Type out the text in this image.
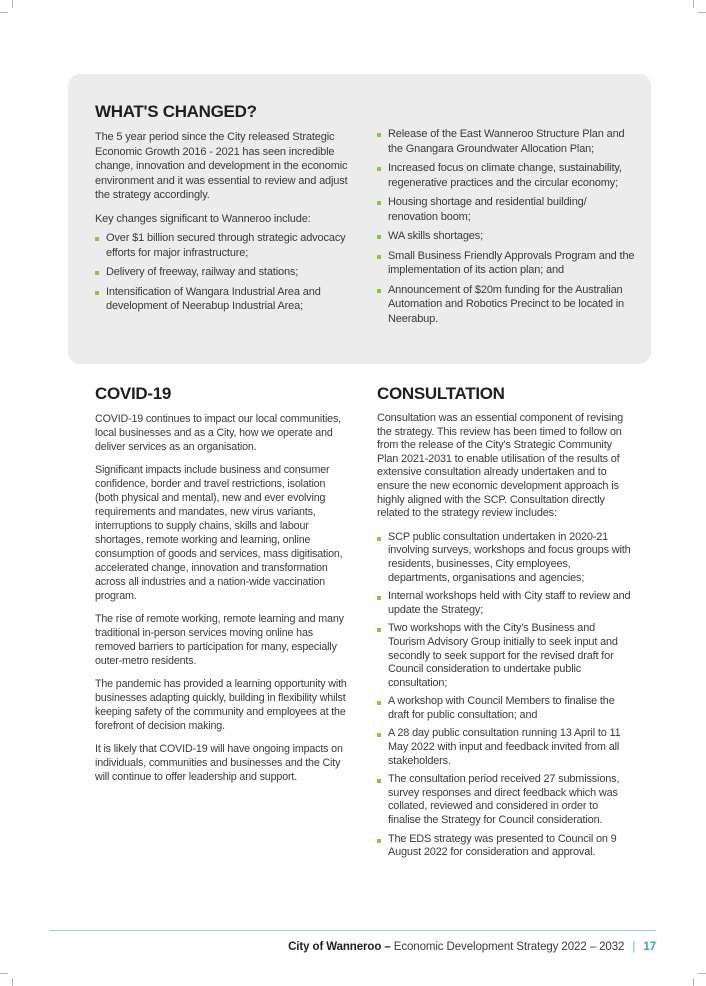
WHAT'S CHANGED?

The 5 year period since the City released Strategic Economic Growth 2016 - 2021 has seen incredible change, innovation and development in the economic environment and it was essential to review and adjust the strategy accordingly.

Key changes significant to Wanneroo include:

Over $1 billion secured through strategic advocacy efforts for major infrastructure;
Delivery of freeway, railway and stations;
Intensification of Wangara Industrial Area and development of Neerabup Industrial Area;
Release of the East Wanneroo Structure Plan and the Gnangara Groundwater Allocation Plan;
Increased focus on climate change, sustainability, regenerative practices and the circular economy;
Housing shortage and residential building/ renovation boom;
WA skills shortages;
Small Business Friendly Approvals Program and the implementation of its action plan; and
Announcement of $20m funding for the Australian Automation and Robotics Precinct to be located in Neerabup.
COVID-19

COVID-19 continues to impact our local communities, local businesses and as a City, how we operate and deliver services as an organisation.

Significant impacts include business and consumer confidence, border and travel restrictions, isolation (both physical and mental), new and ever evolving requirements and mandates, new virus variants, interruptions to supply chains, skills and labour shortages, remote working and learning, online consumption of goods and services, mass digitisation, accelerated change, innovation and transformation across all industries and a nation-wide vaccination program.

The rise of remote working, remote learning and many traditional in-person services moving online has removed barriers to participation for many, especially outer-metro residents.

The pandemic has provided a learning opportunity with businesses adapting quickly, building in flexibility whilst keeping safety of the community and employees at the forefront of decision making.

It is likely that COVID-19 will have ongoing impacts on individuals, communities and businesses and the City will continue to offer leadership and support.

CONSULTATION

Consultation was an essential component of revising the strategy. This review has been timed to follow on from the release of the City's Strategic Community Plan 2021-2031 to enable utilisation of the results of extensive consultation already undertaken and to ensure the new economic development approach is highly aligned with the SCP. Consultation directly related to the strategy review includes:

SCP public consultation undertaken in 2020-21 involving surveys, workshops and focus groups with residents, businesses, City employees, departments, organisations and agencies;
Internal workshops held with City staff to review and update the Strategy;
Two workshops with the City's Business and Tourism Advisory Group initially to seek input and secondly to seek support for the revised draft for Council consideration to undertake public consultation;
A workshop with Council Members to finalise the draft for public consultation; and
A 28 day public consultation running 13 April to 11 May 2022 with input and feedback invited from all stakeholders.
The consultation period received 27 submissions, survey responses and direct feedback which was collated, reviewed and considered in order to finalise the Strategy for Council consideration.
The EDS strategy was presented to Council on 9 August 2022 for consideration and approval.
City of Wanneroo – Economic Development Strategy 2022 – 2032 | 17
